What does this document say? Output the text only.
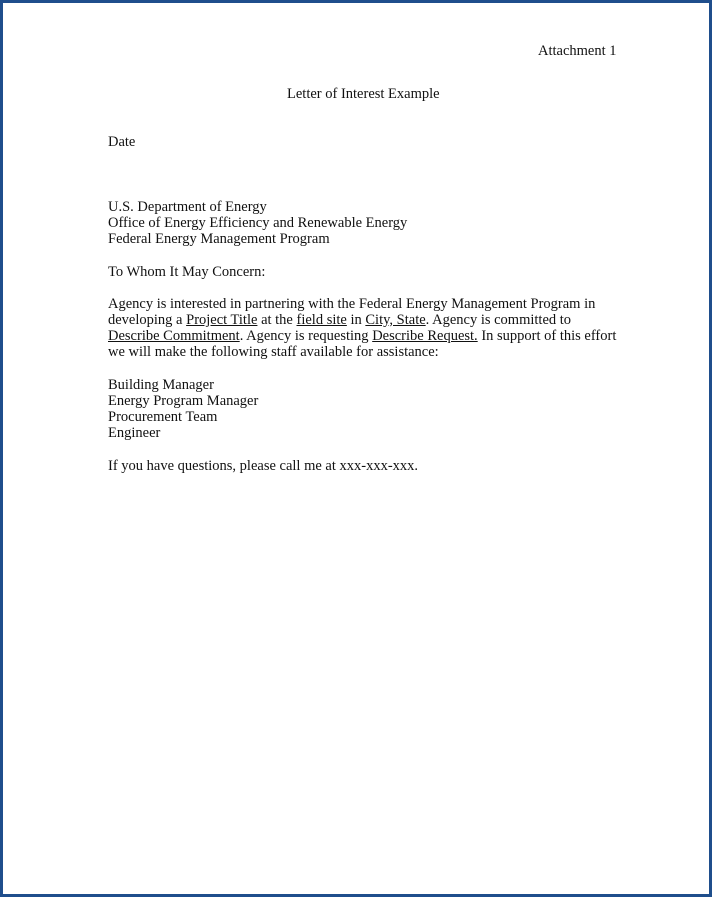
Attachment 1
Letter of Interest Example
Date
U.S. Department of Energy
Office of Energy Efficiency and Renewable Energy
Federal Energy Management Program
To Whom It May Concern:
Agency is interested in partnering with the Federal Energy Management Program in
developing a Project Title at the field site in City, State. Agency is committed to
Describe Commitment. Agency is requesting Describe Request. In support of this effort
we will make the following staff available for assistance:
Building Manager
Energy Program Manager
Procurement Team
Engineer
If you have questions, please call me at xxx-xxx-xxx.
